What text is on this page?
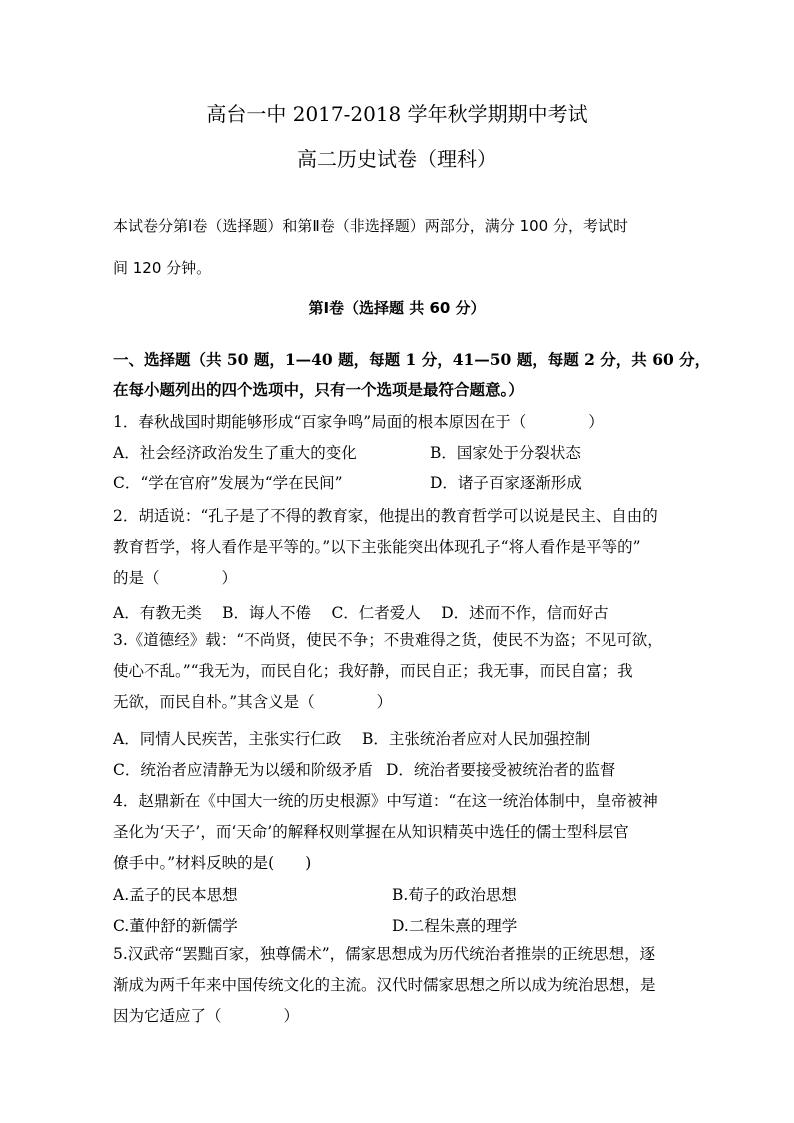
高台一中 2017-2018 学年秋学期期中考试
高二历史试卷（理科）
本试卷分第Ⅰ卷（选择题）和第Ⅱ卷（非选择题）两部分，满分 100 分，考试时
间 120 分钟。
第Ⅰ卷（选择题 共 60 分）
一、选择题（共 50 题，1—40 题，每题 1 分，41—50 题，每题 2 分，共 60 分，
在每小题列出的四个选项中，只有一个选项是最符合题意。）
1．春秋战国时期能够形成“百家争鸣”局面的根本原因在于（　　　　）
A．社会经济政治发生了重大的变化	B．国家处于分裂状态
C．“学在官府”发展为“学在民间”	D．诸子百家逐渐形成
2．胡适说：“孔子是了不得的教育家，他提出的教育哲学可以说是民主、自由的
教育哲学，将人看作是平等的。”以下主张能突出体现孔子“将人看作是平等的”
的是（　　　　）
A．有教无类　 B．诲人不倦　 C．仁者爱人　 D．述而不作，信而好古
3.《道德经》载：“不尚贤，使民不争；不贵难得之货，使民不为盗；不见可欲，
使心不乱。”“我无为，而民自化；我好静，而民自正；我无事，而民自富；我
无欲，而民自朴。”其含义是（　　　　）
A．同情人民疾苦，主张实行仁政 B．主张统治者应对人民加强控制
C．统治者应清静无为以缓和阶级矛盾 D．统治者要接受被统治者的监督
4．赵鼎新在《中国大一统的历史根源》中写道：“在这一统治体制中，皇帝被神
圣化为‘天子’，而‘天命’的解释权则掌握在从知识精英中选任的儒士型科层官
僚手中。”材料反映的是(　　)
A.孟子的民本思想	B.荀子的政治思想
C.董仲舒的新儒学	D.二程朱熹的理学
5.汉武帝“罢黜百家，独尊儒术”，儒家思想成为历代统治者推崇的正统思想，逐
渐成为两千年来中国传统文化的主流。汉代时儒家思想之所以成为统治思想，是
因为它适应了（　　　　）
